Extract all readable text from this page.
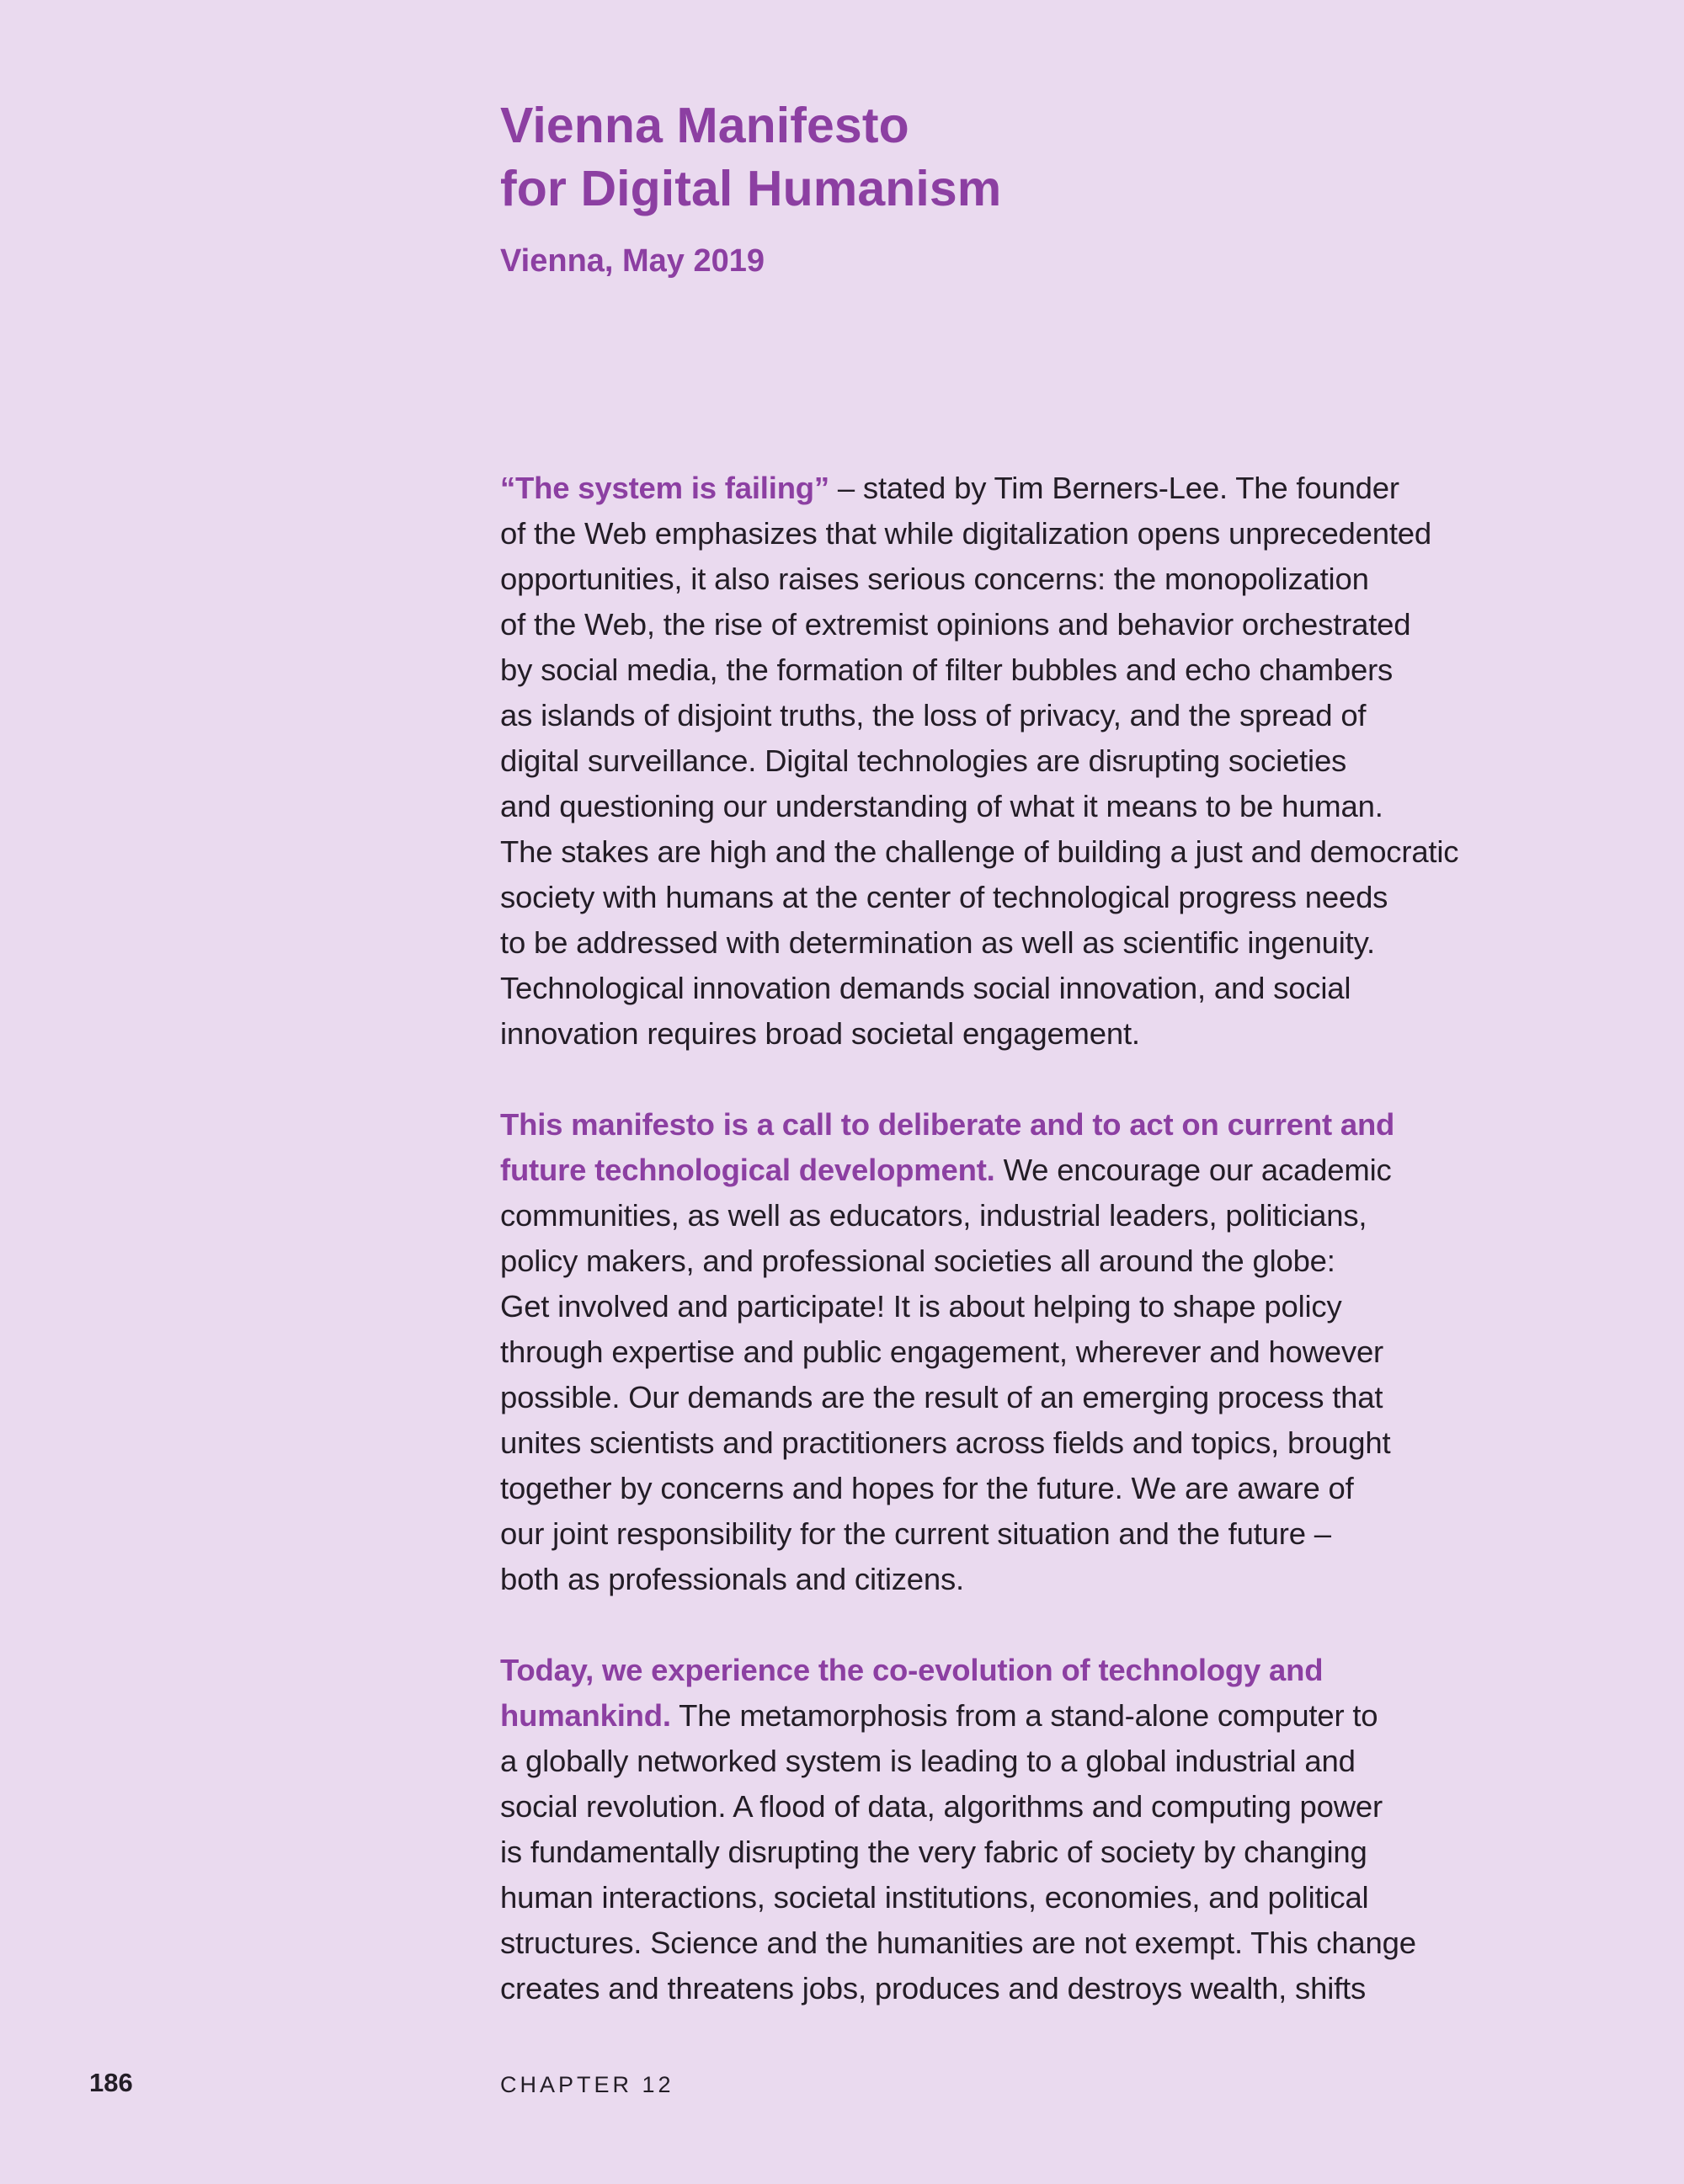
Vienna Manifesto
for Digital Humanism

Vienna, May 2019

“The system is failing” – stated by Tim Berners-Lee. The founder
of the Web emphasizes that while digitalization opens unprecedented
opportunities, it also raises serious concerns: the monopolization
of the Web, the rise of extremist opinions and behavior orchestrated
by social media, the formation of filter bubbles and echo chambers
as islands of disjoint truths, the loss of privacy, and the spread of
digital surveillance. Digital technologies are disrupting societies
and questioning our understanding of what it means to be human.
The stakes are high and the challenge of building a just and democratic
society with humans at the center of technological progress needs
to be addressed with determination as well as scientific ingenuity.
Technological innovation demands social innovation, and social
innovation requires broad societal engagement.

This manifesto is a call to deliberate and to act on current and
future technological development. We encourage our academic
communities, as well as educators, industrial leaders, politicians,
policy makers, and professional societies all around the globe:
Get involved and participate! It is about helping to shape policy
through expertise and public engagement, wherever and however
possible. Our demands are the result of an emerging process that
unites scientists and practitioners across fields and topics, brought
together by concerns and hopes for the future. We are aware of
our joint responsibility for the current situation and the future –
both as professionals and citizens.

Today, we experience the co-evolution of technology and
humankind. The metamorphosis from a stand-alone computer to
a globally networked system is leading to a global industrial and
social revolution. A flood of data, algorithms and computing power
is fundamentally disrupting the very fabric of society by changing
human interactions, societal institutions, economies, and political
structures. Science and the humanities are not exempt. This change
creates and threatens jobs, produces and destroys wealth, shifts

186	CHAPTER 12
